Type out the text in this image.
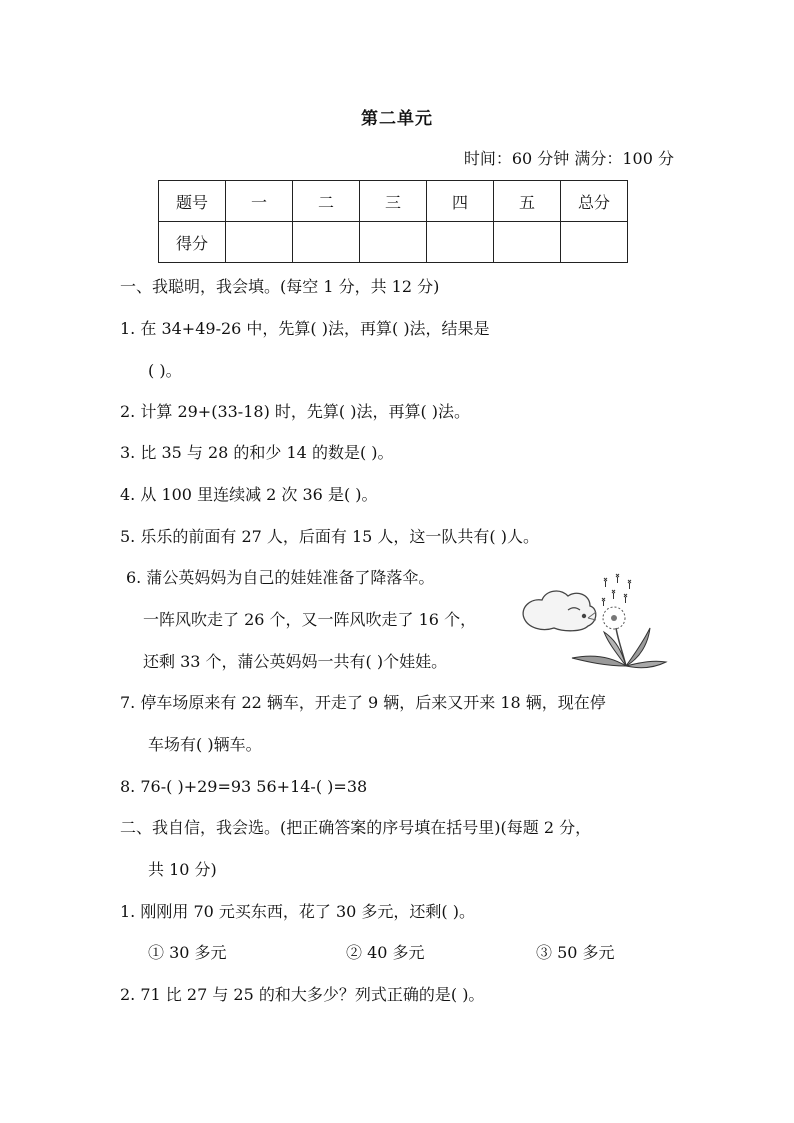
第二单元
时间：60 分钟 满分：100 分
题号	一	二	三	四	五	总分
得分						
一、我聪明，我会填。(每空 1 分，共 12 分)
1. 在 34+49-26 中，先算( )法，再算( )法，结果是
( )。
2. 计算 29+(33-18) 时，先算( )法，再算( )法。
3. 比 35 与 28 的和少 14 的数是( )。
4. 从 100 里连续减 2 次 36 是( )。
5. 乐乐的前面有 27 人，后面有 15 人，这一队共有( )人。
6. 蒲公英妈妈为自己的娃娃准备了降落伞。
一阵风吹走了 26 个，又一阵风吹走了 16 个，
还剩 33 个，蒲公英妈妈一共有( )个娃娃。
7. 停车场原来有 22 辆车，开走了 9 辆，后来又开来 18 辆，现在停
车场有( )辆车。
8. 76-( )+29=93 56+14-( )=38
二、我自信，我会选。(把正确答案的序号填在括号里)(每题 2 分，
共 10 分)
1. 刚刚用 70 元买东西，花了 30 多元，还剩( )。
① 30 多元	② 40 多元	③ 50 多元
2. 71 比 27 与 25 的和大多少？列式正确的是( )。
